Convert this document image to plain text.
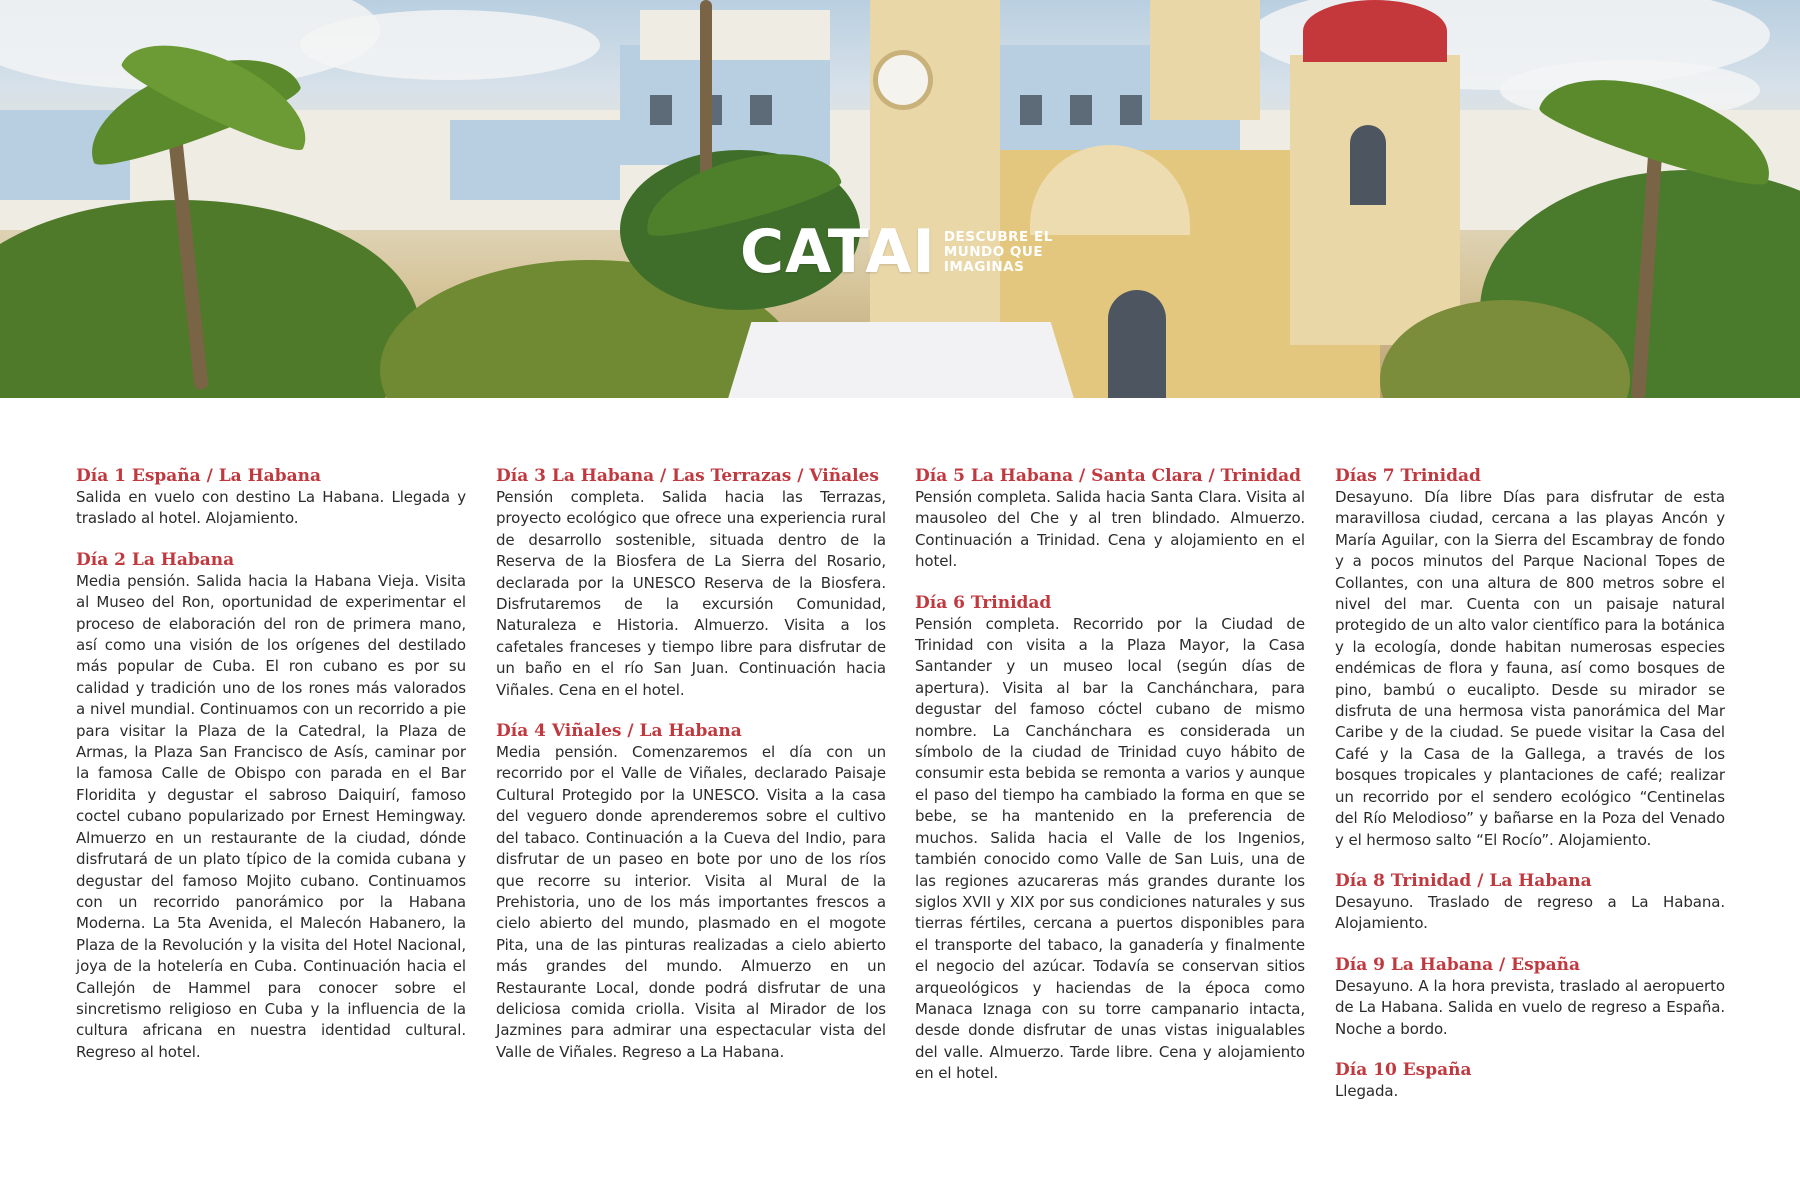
CATAI DESCUBRE EL
MUNDO QUE
IMAGINAS
Día 1 España / La Habana

Salida en vuelo con destino La Habana. Llegada y traslado al hotel. Alojamiento.

Día 2 La Habana

Media pensión. Salida hacia la Habana Vieja. Visita al Museo del Ron, oportunidad de experimentar el proceso de elaboración del ron de primera mano, así como una visión de los orígenes del destilado más popular de Cuba. El ron cubano es por su calidad y tradición uno de los rones más valorados a nivel mundial. Continuamos con un recorrido a pie para visitar la Plaza de la Catedral, la Plaza de Armas, la Plaza San Francisco de Asís, caminar por la famosa Calle de Obispo con parada en el Bar Floridita y degustar el sabroso Daiquirí, famoso coctel cubano popularizado por Ernest Hemingway. Almuerzo en un restaurante de la ciudad, dónde disfrutará de un plato típico de la comida cubana y degustar del famoso Mojito cubano. Continuamos con un recorrido panorámico por la Habana Moderna. La 5ta Avenida, el Malecón Habanero, la Plaza de la Revolución y la visita del Hotel Nacional, joya de la hotelería en Cuba. Continuación hacia el Callejón de Hammel para conocer sobre el sincretismo religioso en Cuba y la influencia de la cultura africana en nuestra identidad cultural. Regreso al hotel.

Día 3 La Habana / Las Terrazas / Viñales

Pensión completa. Salida hacia las Terrazas, proyecto ecológico que ofrece una experiencia rural de desarrollo sostenible, situada dentro de la Reserva de la Biosfera de La Sierra del Rosario, declarada por la UNESCO Reserva de la Biosfera. Disfrutaremos de la excursión Comunidad, Naturaleza e Historia. Almuerzo. Visita a los cafetales franceses y tiempo libre para disfrutar de un baño en el río San Juan. Continuación hacia Viñales. Cena en el hotel.

Día 4 Viñales / La Habana

Media pensión. Comenzaremos el día con un recorrido por el Valle de Viñales, declarado Paisaje Cultural Protegido por la UNESCO. Visita a la casa del veguero donde aprenderemos sobre el cultivo del tabaco. Continuación a la Cueva del Indio, para disfrutar de un paseo en bote por uno de los ríos que recorre su interior. Visita al Mural de la Prehistoria, uno de los más importantes frescos a cielo abierto del mundo, plasmado en el mogote Pita, una de las pinturas realizadas a cielo abierto más grandes del mundo. Almuerzo en un Restaurante Local, donde podrá disfrutar de una deliciosa comida criolla. Visita al Mirador de los Jazmines para admirar una espectacular vista del Valle de Viñales. Regreso a La Habana.

Día 5 La Habana / Santa Clara / Trinidad

Pensión completa. Salida hacia Santa Clara. Visita al mausoleo del Che y al tren blindado. Almuerzo. Continuación a Trinidad. Cena y alojamiento en el hotel.

Día 6 Trinidad

Pensión completa. Recorrido por la Ciudad de Trinidad con visita a la Plaza Mayor, la Casa Santander y un museo local (según días de apertura). Visita al bar la Canchánchara, para degustar del famoso cóctel cubano de mismo nombre. La Canchánchara es considerada un símbolo de la ciudad de Trinidad cuyo hábito de consumir esta bebida se remonta a varios y aunque el paso del tiempo ha cambiado la forma en que se bebe, se ha mantenido en la preferencia de muchos. Salida hacia el Valle de los Ingenios, también conocido como Valle de San Luis, una de las regiones azucareras más grandes durante los siglos XVII y XIX por sus condiciones naturales y sus tierras fértiles, cercana a puertos disponibles para el transporte del tabaco, la ganadería y finalmente el negocio del azúcar. Todavía se conservan sitios arqueológicos y haciendas de la época como Manaca Iznaga con su torre campanario intacta, desde donde disfrutar de unas vistas inigualables del valle. Almuerzo. Tarde libre. Cena y alojamiento en el hotel.

Días 7 Trinidad

Desayuno. Día libre Días para disfrutar de esta maravillosa ciudad, cercana a las playas Ancón y María Aguilar, con la Sierra del Escambray de fondo y a pocos minutos del Parque Nacional Topes de Collantes, con una altura de 800 metros sobre el nivel del mar. Cuenta con un paisaje natural protegido de un alto valor científico para la botánica y la ecología, donde habitan numerosas especies endémicas de flora y fauna, así como bosques de pino, bambú o eucalipto. Desde su mirador se disfruta de una hermosa vista panorámica del Mar Caribe y de la ciudad. Se puede visitar la Casa del Café y la Casa de la Gallega, a través de los bosques tropicales y plantaciones de café; realizar un recorrido por el sendero ecológico “Centinelas del Río Melodioso” y bañarse en la Poza del Venado y el hermoso salto “El Rocío”. Alojamiento.

Día 8 Trinidad / La Habana

Desayuno. Traslado de regreso a La Habana. Alojamiento.

Día 9 La Habana / España

Desayuno. A la hora prevista, traslado al aeropuerto de La Habana. Salida en vuelo de regreso a España. Noche a bordo.

Día 10 España

Llegada.
